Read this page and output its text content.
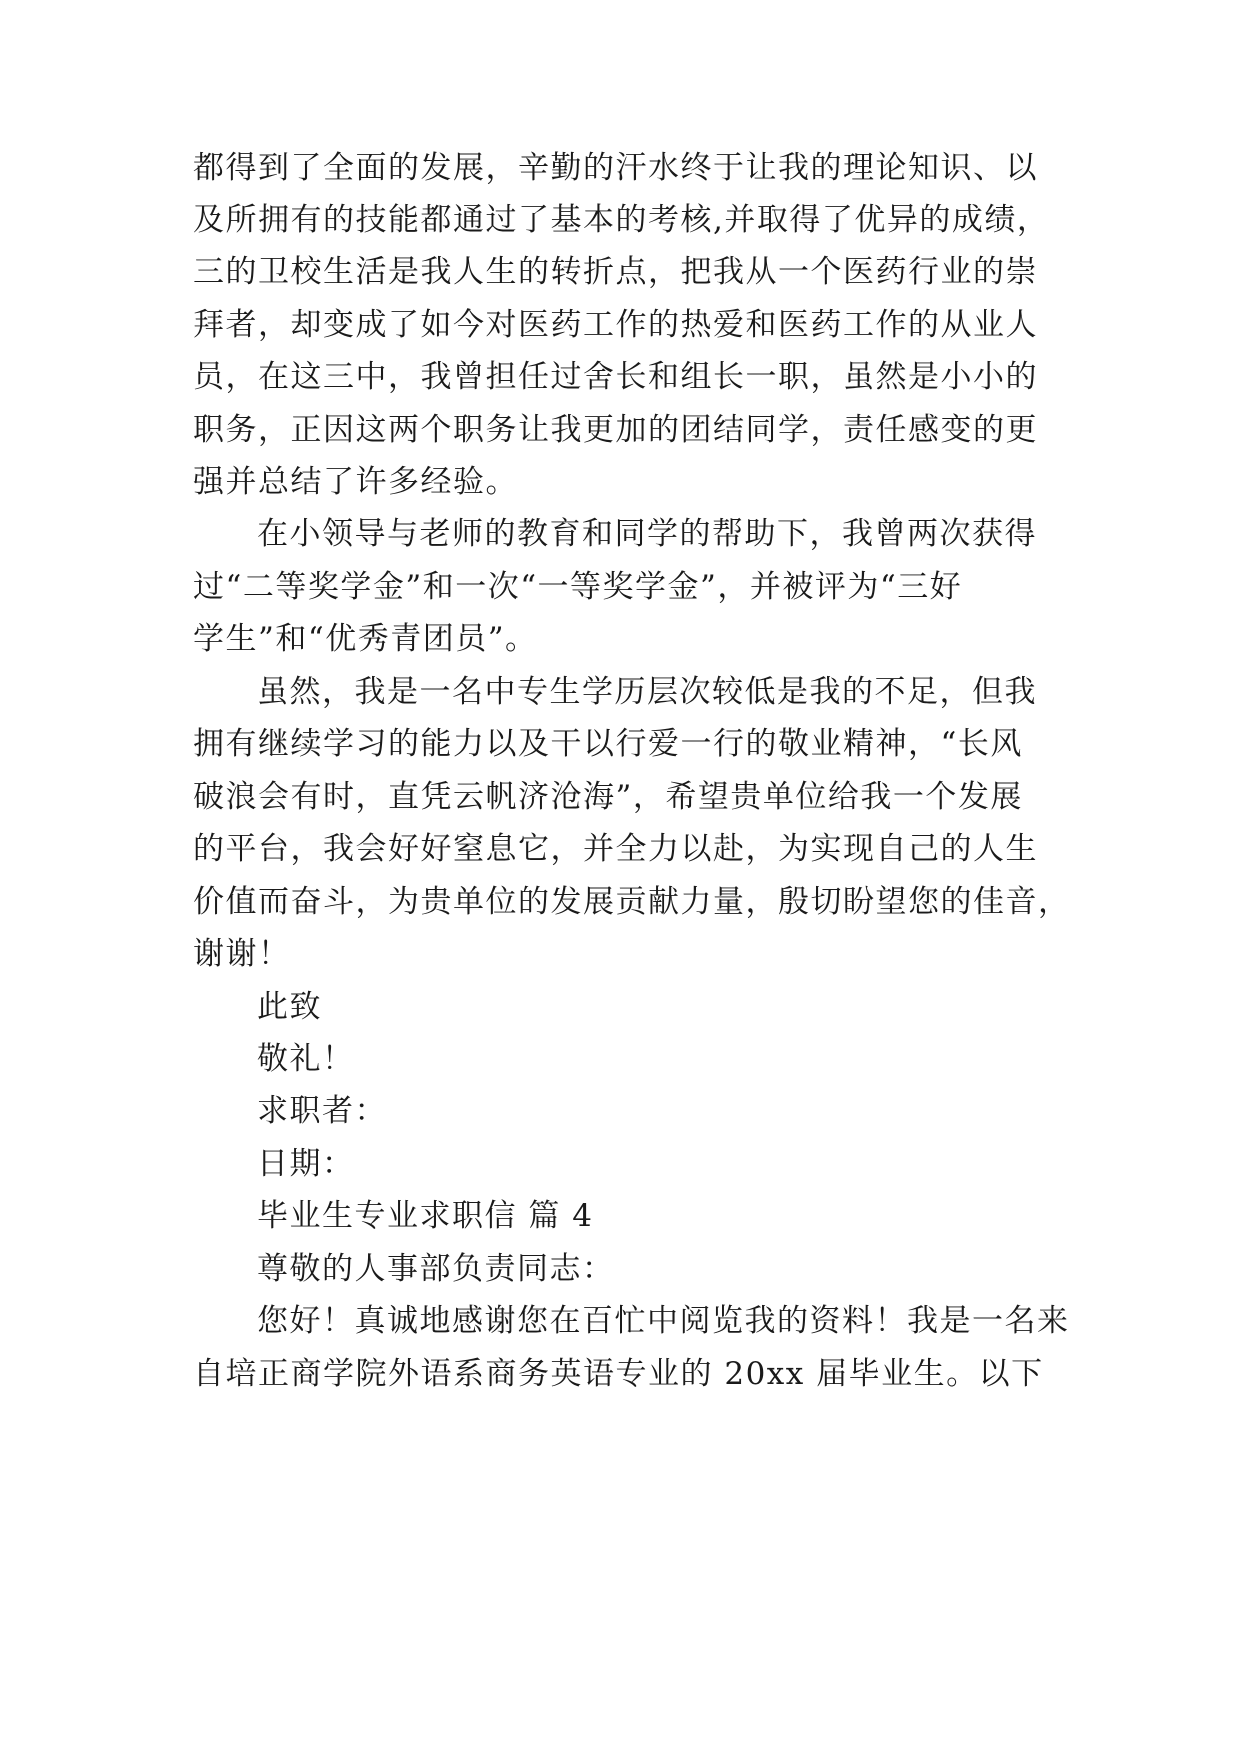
都得到了全面的发展，辛勤的汗水终于让我的理论知识、以
及所拥有的技能都通过了基本的考核,并取得了优异的成绩，
三的卫校生活是我人生的转折点，把我从一个医药行业的崇
拜者，却变成了如今对医药工作的热爱和医药工作的从业人
员，在这三中，我曾担任过舍长和组长一职，虽然是小小的
职务，正因这两个职务让我更加的团结同学，责任感变的更
强并总结了许多经验。
在小领导与老师的教育和同学的帮助下，我曾两次获得
过“二等奖学金”和一次“一等奖学金”，并被评为“三好
学生”和“优秀青团员”。
虽然，我是一名中专生学历层次较低是我的不足，但我
拥有继续学习的能力以及干以行爱一行的敬业精神，“长风
破浪会有时，直凭云帆济沧海”，希望贵单位给我一个发展
的平台，我会好好窒息它，并全力以赴，为实现自己的人生
价值而奋斗，为贵单位的发展贡献力量，殷切盼望您的佳音，
谢谢！
此致
敬礼！
求职者：
日期：
毕业生专业求职信 篇 4
尊敬的人事部负责同志：
您好！真诚地感谢您在百忙中阅览我的资料！我是一名来
自培正商学院外语系商务英语专业的 20xx 届毕业生。以下
